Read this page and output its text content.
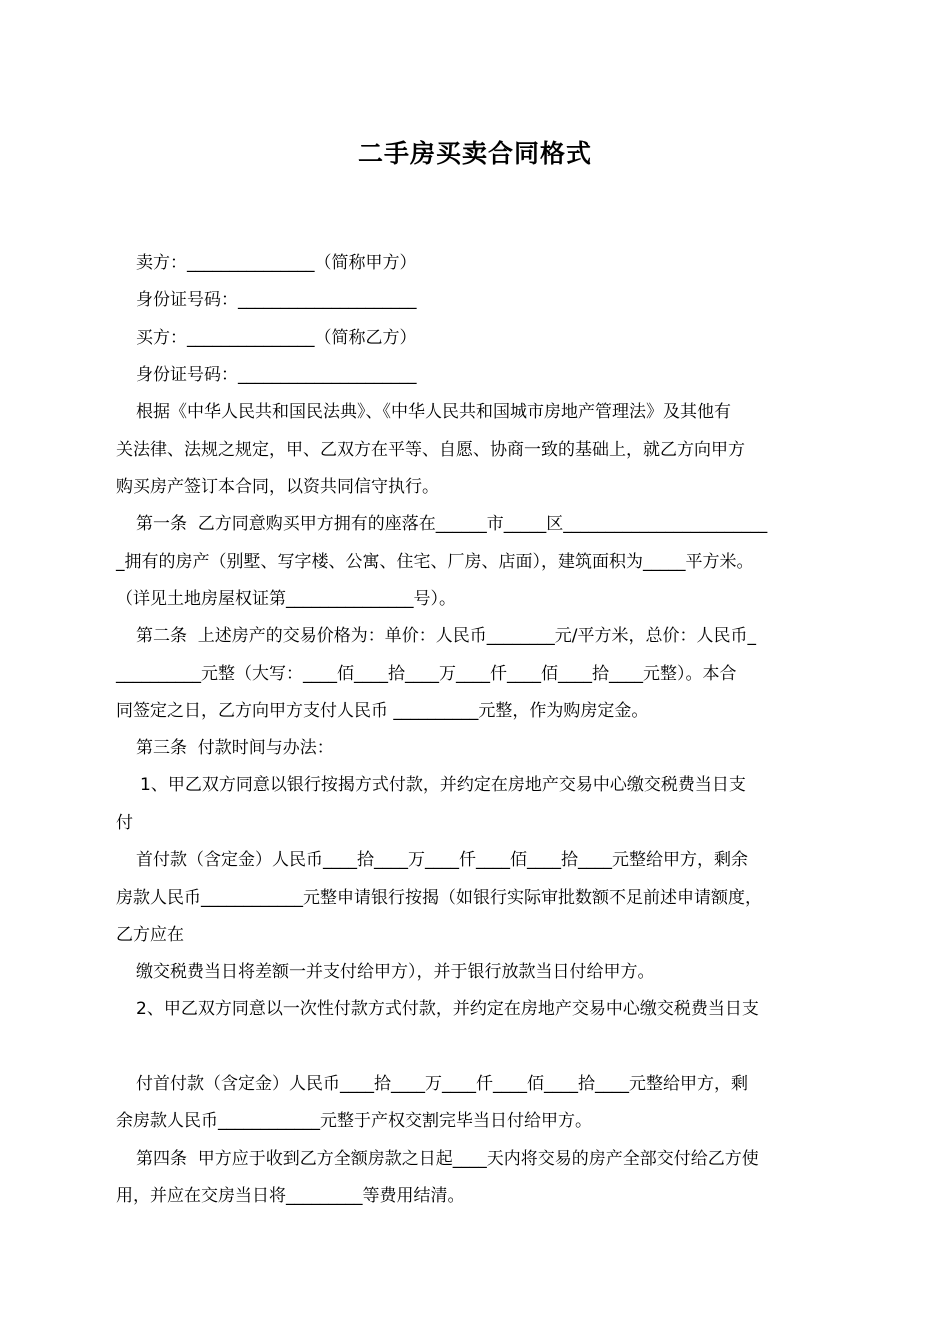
二手房买卖合同格式
卖方：_______________（简称甲方）
身份证号码：_____________________
买方：_______________（简称乙方）
身份证号码：_____________________
根据《中华人民共和国民法典》、《中华人民共和国城市房地产管理法》及其他有
关法律、法规之规定，甲、乙双方在平等、自愿、协商一致的基础上，就乙方向甲方
购买房产签订本合同，以资共同信守执行。
第一条  乙方同意购买甲方拥有的座落在______市_____区________________________
_拥有的房产（别墅、写字楼、公寓、住宅、厂房、店面），建筑面积为_____平方米。
（详见土地房屋权证第_______________号）。
第二条  上述房产的交易价格为：单价：人民币________元/平方米，总价：人民币_
__________元整（大写：____佰____拾____万____仟____佰____拾____元整）。本合
同签定之日，乙方向甲方支付人民币 __________元整，作为购房定金。
第三条  付款时间与办法：
1、甲乙双方同意以银行按揭方式付款，并约定在房地产交易中心缴交税费当日支
付
首付款（含定金）人民币____拾____万____仟____佰____拾____元整给甲方，剩余
房款人民币____________元整申请银行按揭（如银行实际审批数额不足前述申请额度，
乙方应在
缴交税费当日将差额一并支付给甲方），并于银行放款当日付给甲方。
2、甲乙双方同意以一次性付款方式付款，并约定在房地产交易中心缴交税费当日支
付首付款（含定金）人民币____拾____万____仟____佰____拾____元整给甲方，剩
余房款人民币____________元整于产权交割完毕当日付给甲方。
第四条  甲方应于收到乙方全额房款之日起____天内将交易的房产全部交付给乙方使
用，并应在交房当日将_________等费用结清。
